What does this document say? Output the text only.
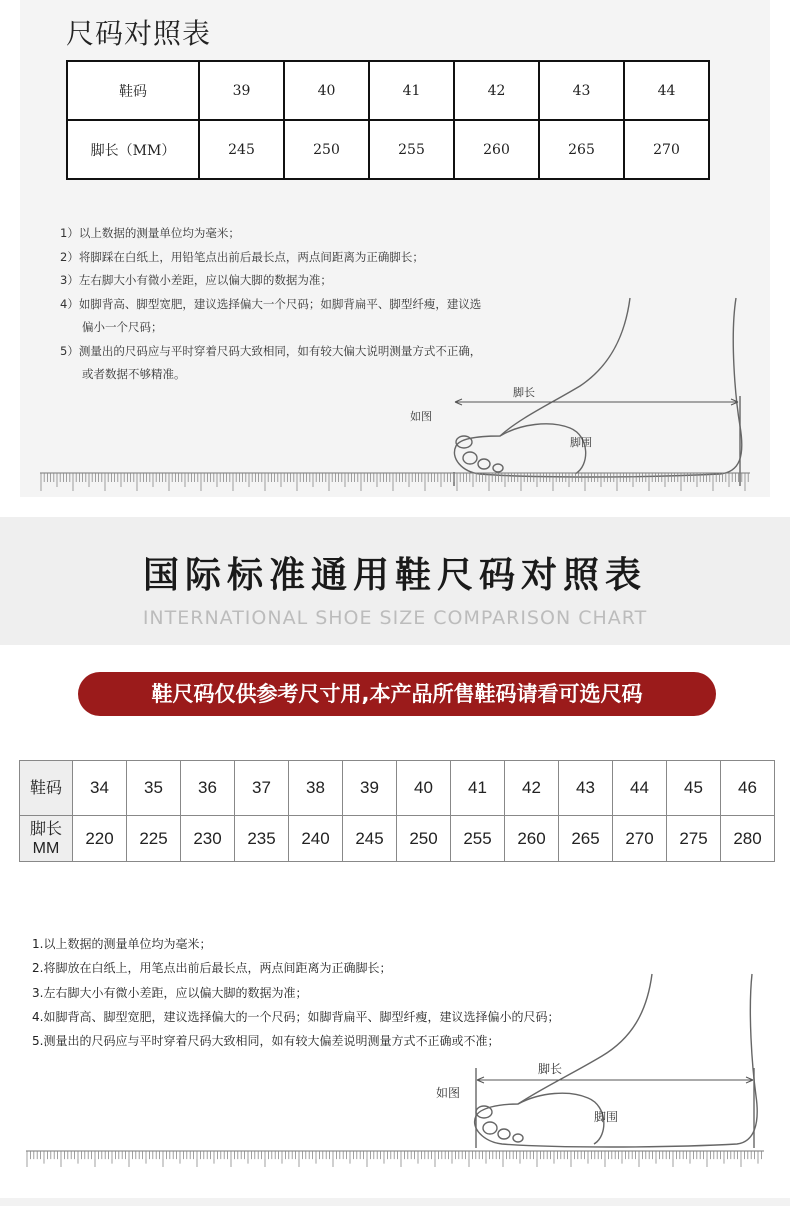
尺码对照表
鞋码	39	40	41	42	43	44
脚长（MM）	245	250	255	260	265	270
1）以上数据的测量单位均为毫米；
2）将脚踩在白纸上，用铅笔点出前后最长点，两点间距离为正确脚长；
3）左右脚大小有微小差距，应以偏大脚的数据为准；
4）如脚背高、脚型宽肥，建议选择偏大一个尺码；如脚背扁平、脚型纤瘦，建议选
偏小一个尺码；
5）测量出的尺码应与平时穿着尺码大致相同，如有较大偏大说明测量方式不正确，
或者数据不够精准。
脚长
如图
脚围
国际标准通用鞋尺码对照表
INTERNATIONAL SHOE SIZE COMPARISON CHART
鞋尺码仅供参考尺寸用,本产品所售鞋码请看可选尺码
鞋码	34	35	36	37	38	39	40	41	42	43	44	45	46
脚长
MM	220	225	230	235	240	245	250	255	260	265	270	275	280
1.以上数据的测量单位均为毫米；
2.将脚放在白纸上，用笔点出前后最长点，两点间距离为正确脚长；
3.左右脚大小有微小差距，应以偏大脚的数据为准；
4.如脚背高、脚型宽肥，建议选择偏大的一个尺码；如脚背扁平、脚型纤瘦，建议选择偏小的尺码；
5.测量出的尺码应与平时穿着尺码大致相同，如有较大偏差说明测量方式不正确或不准；
脚长
如图
脚围
